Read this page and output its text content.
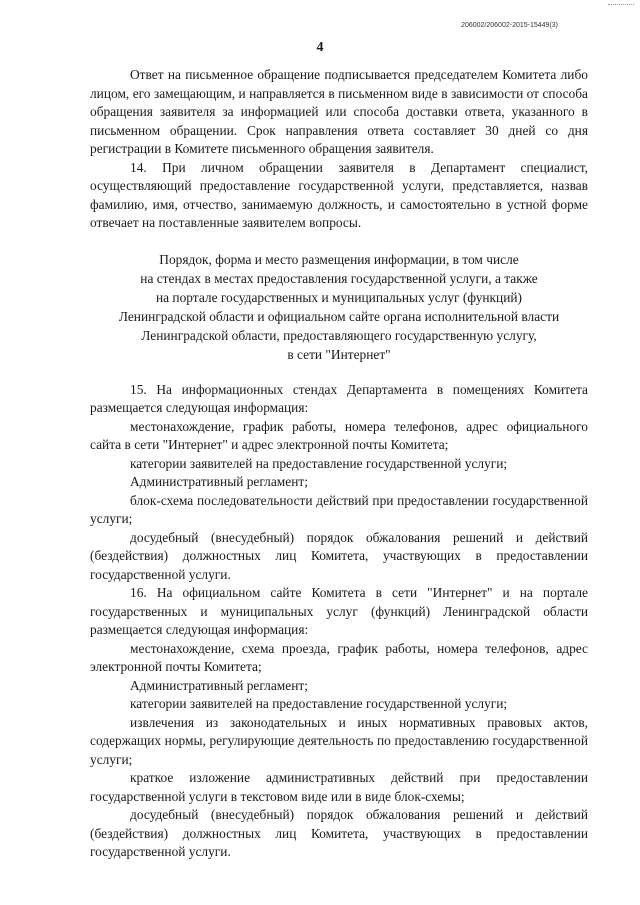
206002/206002-2015-15449(3)
4

Ответ на письменное обращение подписывается председателем Комитета либо лицом, его замещающим, и направляется в письменном виде в зависимости от способа обращения заявителя за информацией или способа доставки ответа, указанного в письменном обращении. Срок направления ответа составляет 30 дней со дня регистрации в Комитете письменного обращения заявителя.

14. При личном обращении заявителя в Департамент специалист, осуществляющий предоставление государственной услуги, представляется, назвав фамилию, имя, отчество, занимаемую должность, и самостоятельно в устной форме отвечает на поставленные заявителем вопросы.

Порядок, форма и место размещения информации, в том числе
на стендах в местах предоставления государственной услуги, а также
на портале государственных и муниципальных услуг (функций)
Ленинградской области и официальном сайте органа исполнительной власти
Ленинградской области, предоставляющего государственную услугу,
в сети "Интернет"

15. На информационных стендах Департамента в помещениях Комитета размещается следующая информация:

местонахождение, график работы, номера телефонов, адрес официального сайта в сети "Интернет" и адрес электронной почты Комитета;

категории заявителей на предоставление государственной услуги;

Административный регламент;

блок-схема последовательности действий при предоставлении государственной услуги;

досудебный (внесудебный) порядок обжалования решений и действий (бездействия) должностных лиц Комитета, участвующих в предоставлении государственной услуги.

16. На официальном сайте Комитета в сети "Интернет" и на портале государственных и муниципальных услуг (функций) Ленинградской области размещается следующая информация:

местонахождение, схема проезда, график работы, номера телефонов, адрес электронной почты Комитета;

Административный регламент;

категории заявителей на предоставление государственной услуги;

извлечения из законодательных и иных нормативных правовых актов, содержащих нормы, регулирующие деятельность по предоставлению государственной услуги;

краткое изложение административных действий при предоставлении государственной услуги в текстовом виде или в виде блок-схемы;

досудебный (внесудебный) порядок обжалования решений и действий (бездействия) должностных лиц Комитета, участвующих в предоставлении государственной услуги.
